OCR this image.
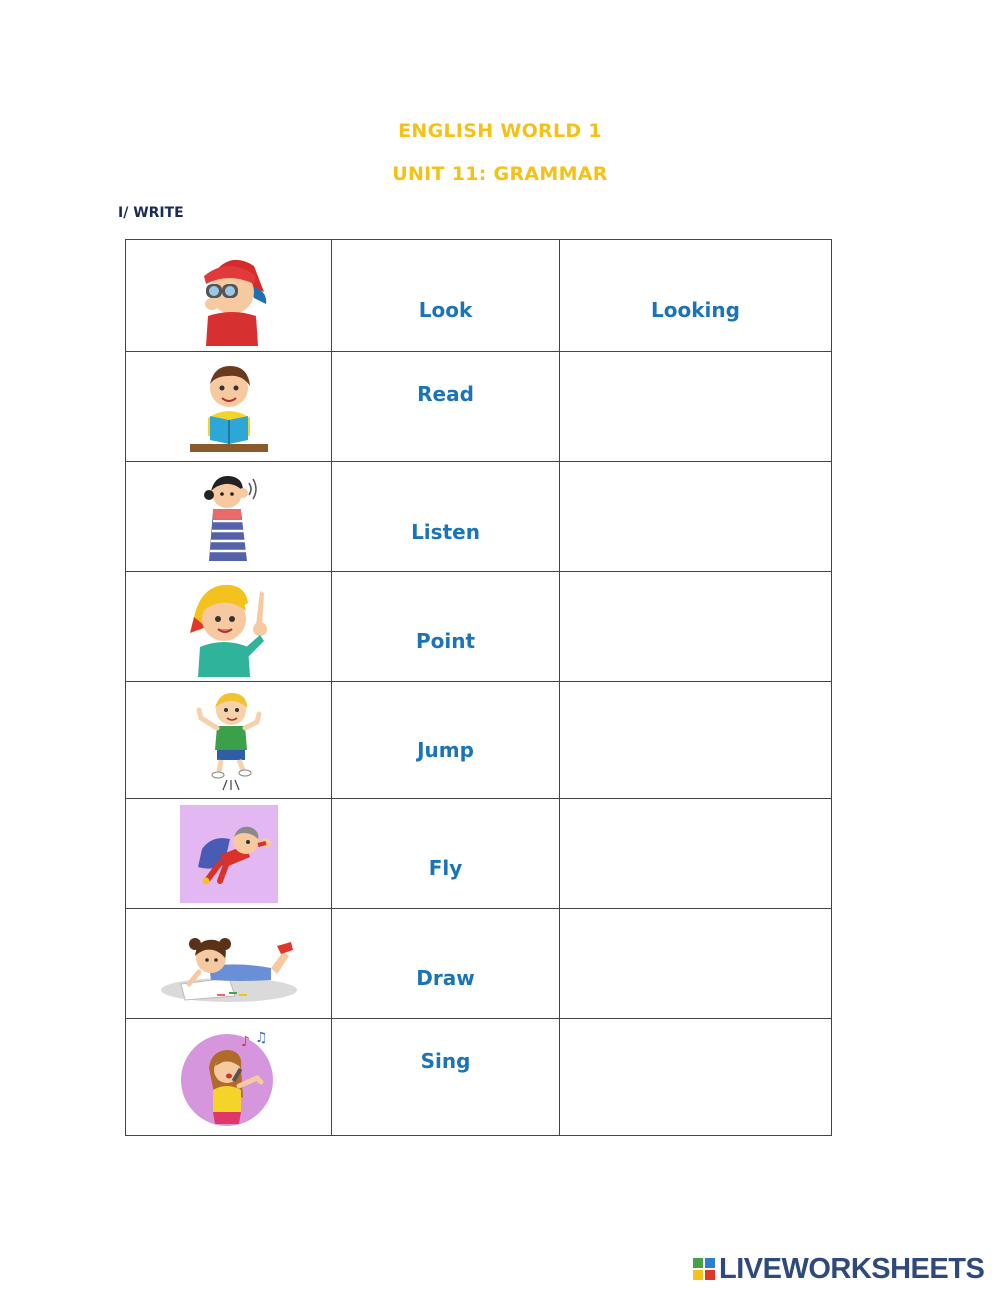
ENGLISH WORLD 1
UNIT 11: GRAMMAR
I/ WRITE

Look	Looking

Read	

Listen	

Point	

Jump	

Fly	

Draw	

♪ ♫	Sing	

LIVEWORKSHEETS
